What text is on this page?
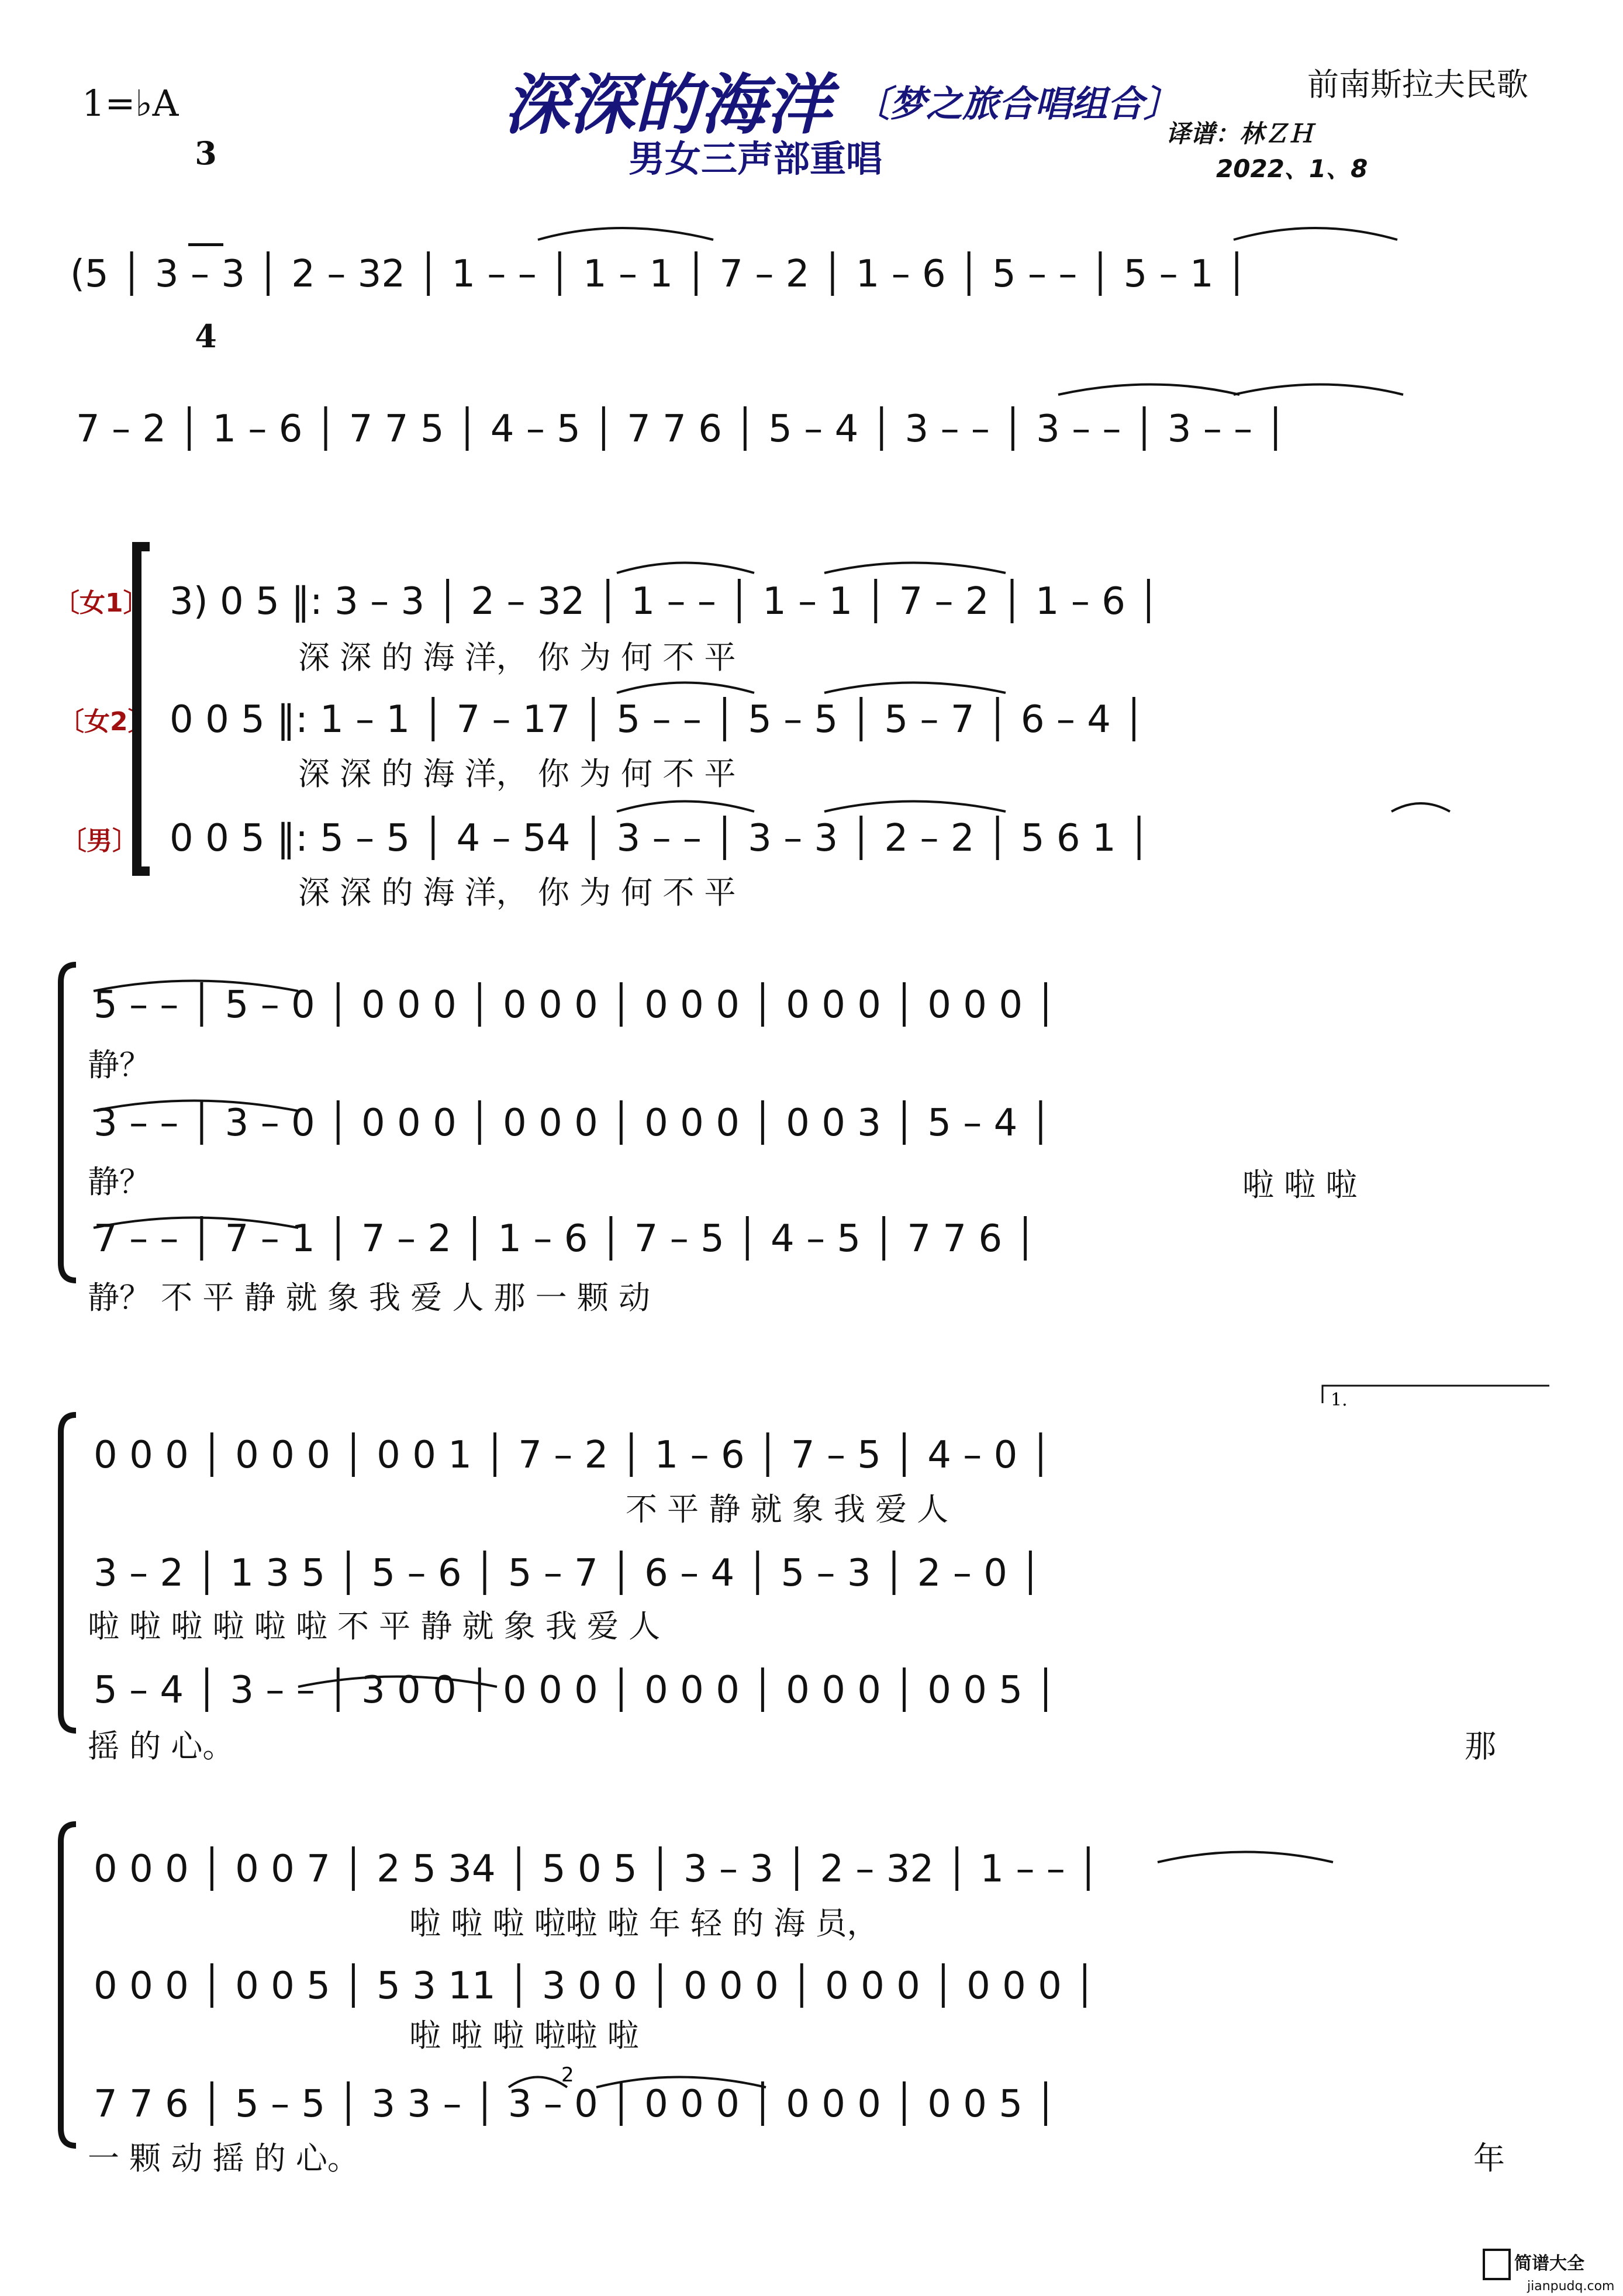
1=♭A

3

4

深深的海洋 〔梦之旅合唱组合〕
男女三声部重唱
前南斯拉夫民歌
译谱：林ＺＨ
2022、1、8
〔女1〕
〔女2〕
〔男〕
1.
(5 │ 3 – 3 │ 2 – 32 │ 1 – – │ 1 – 1 │ 7 – 2 │ 1 – 6 │ 5 – – │ 5 – 1 │
7 – 2 │ 1 – 6 │ 7 7 5 │ 4 – 5 │ 7 7 6 │ 5 – 4 │ 3 – – │ 3 – – │ 3 – – │
3) 0 5 ‖: 3 – 3 │ 2 – 32 │ 1 – – │ 1 – 1 │ 7 – 2 │ 1 – 6 │
深 深 的 海 洋， 你 为 何 不 平
0 0 5 ‖: 1 – 1 │ 7 – 17 │ 5 – – │ 5 – 5 │ 5 – 7 │ 6 – 4 │
深 深 的 海 洋， 你 为 何 不 平
0 0 5 ‖: 5 – 5 │ 4 – 54 │ 3 – – │ 3 – 3 │ 2 – 2 │ 5 6 1 │
深 深 的 海 洋， 你 为 何 不 平
5 – – │ 5 – 0 │ 0 0 0 │ 0 0 0 │ 0 0 0 │ 0 0 0 │ 0 0 0 │
静？
3 – – │ 3 – 0 │ 0 0 0 │ 0 0 0 │ 0 0 0 │ 0 0 3 │ 5 – 4 │
静？	啦 啦 啦
7 – – │ 7 – 1 │ 7 – 2 │ 1 – 6 │ 7 – 5 │ 4 – 5 │ 7 7 6 │
静？ 不 平 静 就 象 我 爱 人 那 一 颗 动
0 0 0 │ 0 0 0 │ 0 0 1 │ 7 – 2 │ 1 – 6 │ 7 – 5 │ 4 – 0 │
不 平 静 就 象 我 爱 人
3 – 2 │ 1 3 5 │ 5 – 6 │ 5 – 7 │ 6 – 4 │ 5 – 3 │ 2 – 0 │
啦 啦 啦 啦 啦 啦 不 平 静 就 象 我 爱 人
5 – 4 │ 3 – – │ 3 0 0 │ 0 0 0 │ 0 0 0 │ 0 0 0 │ 0 0 5 │
摇 的 心。	那
0 0 0 │ 0 0 7 │ 2 5 34 │ 5 0 5 │ 3 – 3 │ 2 – 32 │ 1 – – │
啦 啦 啦 啦啦 啦 年 轻 的 海 员，
0 0 0 │ 0 0 5 │ 5 3 11 │ 3 0 0 │ 0 0 0 │ 0 0 0 │ 0 0 0 │
啦 啦 啦 啦啦 啦
7 7 6 │ 5 – 5 │ 3 3 – │ 3 – 0 │ 0 0 0 │ 0 0 0 │ 0 0 5 │
2
一 颗 动 摇 的 心。	年
简谱大全
jianpudq.com
